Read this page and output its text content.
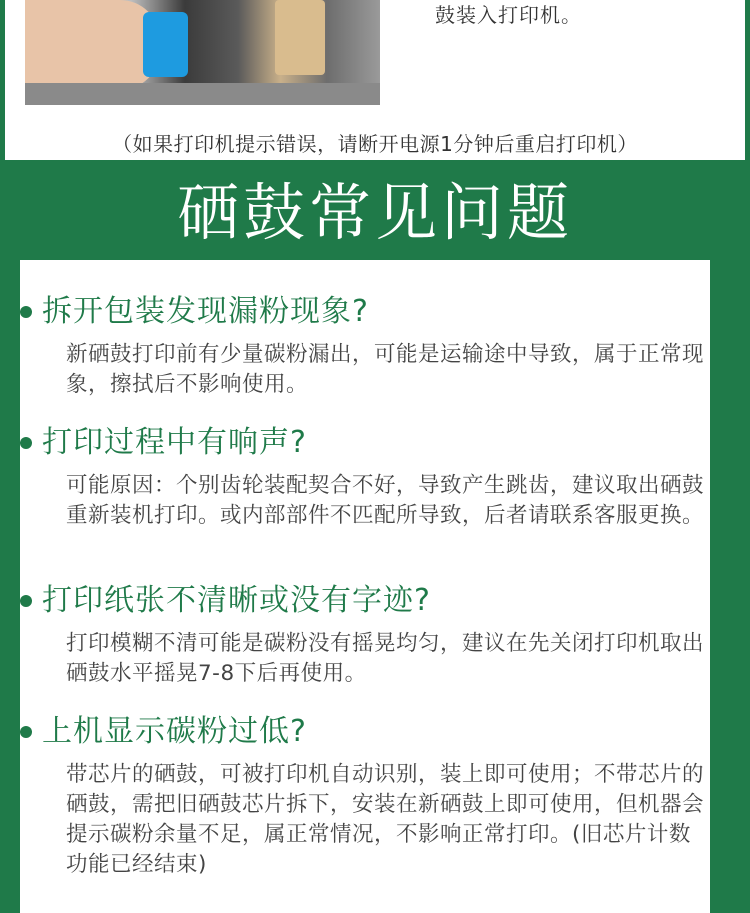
鼓装入打印机。
（如果打印机提示错误，请断开电源1分钟后重启打印机）
硒鼓常见问题
拆开包装发现漏粉现象?
新硒鼓打印前有少量碳粉漏出，可能是运输途中导致，属于正常现象，擦拭后不影响使用。
打印过程中有响声?
可能原因：个别齿轮装配契合不好，导致产生跳齿，建议取出硒鼓重新装机打印。或内部部件不匹配所导致，后者请联系客服更换。
打印纸张不清晰或没有字迹?
打印模糊不清可能是碳粉没有摇晃均匀，建议在先关闭打印机取出硒鼓水平摇晃7-8下后再使用。
上机显示碳粉过低?
带芯片的硒鼓，可被打印机自动识别，装上即可使用；不带芯片的硒鼓，需把旧硒鼓芯片拆下，安装在新硒鼓上即可使用，但机器会提示碳粉余量不足，属正常情况，不影响正常打印。(旧芯片计数功能已经结束)
